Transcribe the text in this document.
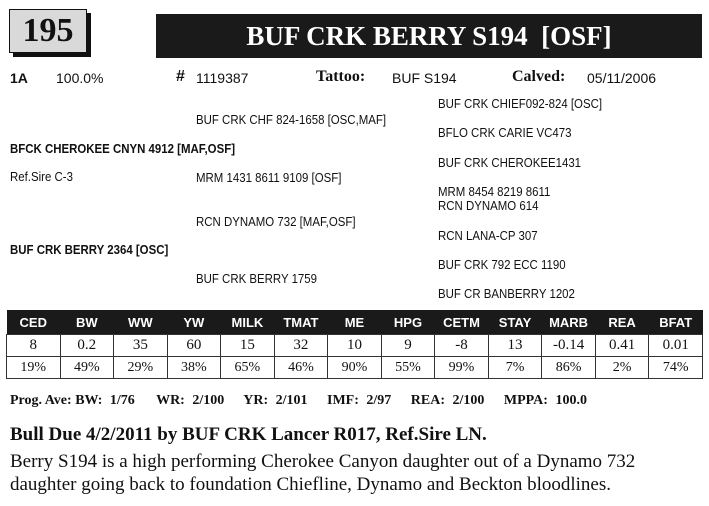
195	BUF CRK BERRY S194  [OSF]
1A 100.0%	# 1119387	Tattoo: BUF S194	Calved: 05/11/2006
BFCK CHEROKEE CNYN 4912 [MAF,OSF]
Ref.Sire C-3
BUF CRK BERRY 2364 [OSC]
BUF CRK CHF 824-1658 [OSC,MAF]
MRM 1431 8611 9109 [OSF]
RCN DYNAMO 732 [MAF,OSF]
BUF CRK BERRY 1759
BUF CRK CHIEF092-824 [OSC]
BFLO CRK CARIE VC473
BUF CRK CHEROKEE1431
MRM 8454 8219 8611
RCN DYNAMO 614
RCN LANA-CP 307
BUF CRK 792 ECC 1190
BUF CR BANBERRY 1202
CED	BW	WW	YW	MILK	TMAT	ME	HPG	CETM	STAY	MARB	REA	BFAT
8	0.2	35	60	15	32	10	9	-8	13	-0.14	0.41	0.01
19%	49%	29%	38%	65%	46%	90%	55%	99%	7%	86%	2%	74%
Prog. Ave: BW: 1/76 WR: 2/100 YR: 2/101 IMF: 2/97 REA: 2/100 MPPA: 100.0
Bull Due 4/2/2011 by BUF CRK Lancer R017, Ref.Sire LN.
Berry S194 is a high performing Cherokee Canyon daughter out of a Dynamo 732 daughter going back to foundation Chiefline, Dynamo and Beckton bloodlines.
